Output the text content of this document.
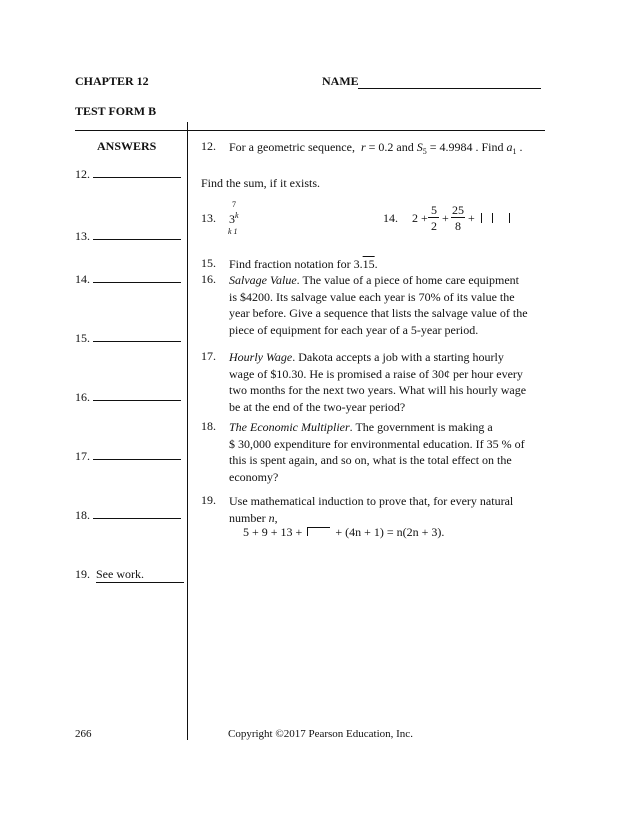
CHAPTER 12	NAME
TEST FORM B
ANSWERS
12.
13.
14.
15.
16.
17.
18.
19. See work.
12. For a geometric sequence, r = 0.2 and $S_5 = 4.9984$ . Find $a_1$ .
Find the sum, if it exists.
13.
7
3$^k$
k 1
14. 2 +
5
2
+
25
8
+
15. Find fraction notation for 3.15.
16. Salvage Value. The value of a piece of home care equipment
is $4200. Its salvage value each year is 70% of its value the
year before. Give a sequence that lists the salvage value of the
piece of equipment for each year of a 5-year period.
17. Hourly Wage. Dakota accepts a job with a starting hourly
wage of $10.30. He is promised a raise of 30¢ per hour every
two months for the next two years. What will his hourly wage
be at the end of the two-year period?
18. The Economic Multiplier. The government is making a
$ 30,000 expenditure for environmental education. If 35 % of
this is spent again, and so on, what is the total effect on the
economy?
19. Use mathematical induction to prove that, for every natural
number n,
5 + 9 + 13 +	+ (4n + 1) = n(2n + 3).
266	Copyright ©2017 Pearson Education, Inc.
